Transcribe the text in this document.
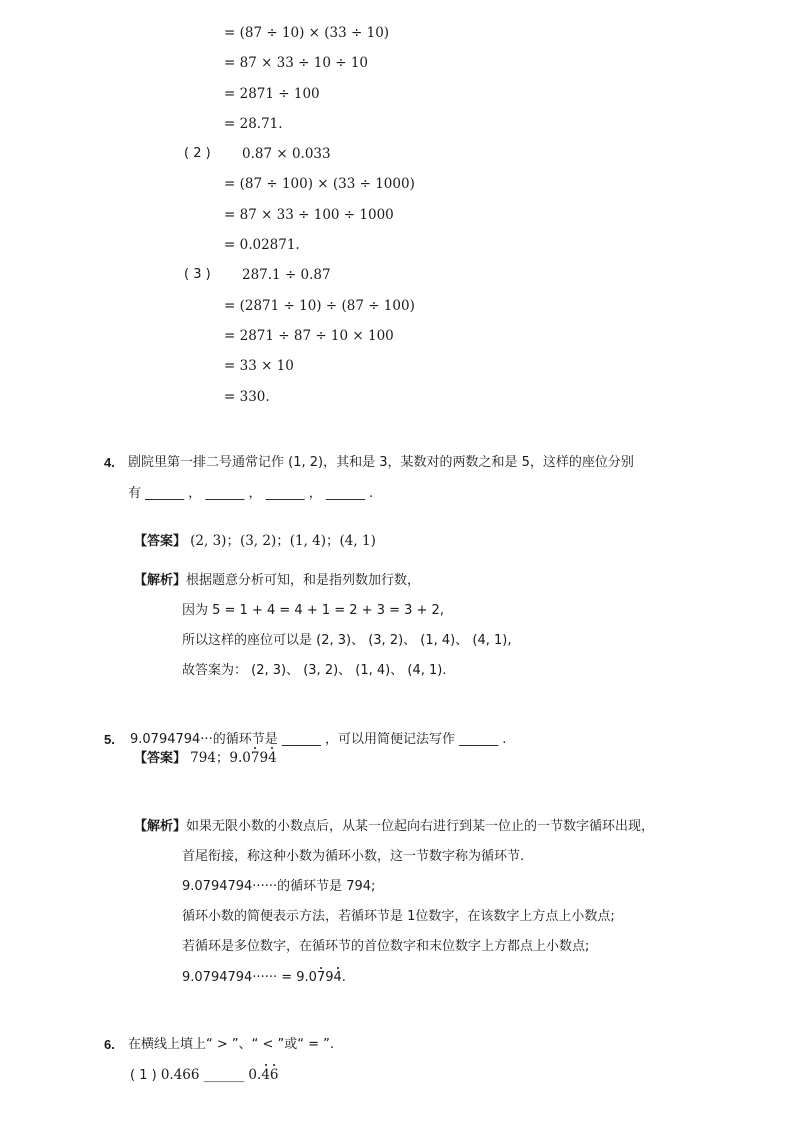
= (87 ÷ 10) × (33 ÷ 10)
= 87 × 33 ÷ 10 ÷ 10
= 2871 ÷ 100
= 28.71.
( 2 ) 0.87 × 0.033
= (87 ÷ 100) × (33 ÷ 1000)
= 87 × 33 ÷ 100 ÷ 1000
= 0.02871.
( 3 ) 287.1 ÷ 0.87
= (2871 ÷ 10) ÷ (87 ÷ 100)
= 2871 ÷ 87 ÷ 10 × 100
= 33 × 10
= 330.
4. 剧院里第一排二号通常记作 (1, 2)，其和是 3，某数对的两数之和是 5，这样的座位分别
有 ______ ， ______ ， ______ ， ______ .
【答案】 (2, 3)；(3, 2)；(1, 4)；(4, 1)
【解析】根据题意分析可知，和是指列数加行数，
因为 5 = 1 + 4 = 4 + 1 = 2 + 3 = 3 + 2,
所以这样的座位可以是 (2, 3)、 (3, 2)、 (1, 4)、 (4, 1),
故答案为： (2, 3)、 (3, 2)、 (1, 4)、 (4, 1).
5. 9.0794794···的循环节是 ______ ，可以用简便记法写作 ______ .
【答案】 794；9.0794
【解析】如果无限小数的小数点后，从某一位起向右进行到某一位止的一节数字循环出现，
首尾衔接，称这种小数为循环小数，这一节数字称为循环节.
9.0794794······的循环节是 794;
循环小数的简便表示方法，若循环节是 1位数字，在该数字上方点上小数点;
若循环是多位数字，在循环节的首位数字和末位数字上方都点上小数点;
9.0794794······ = 9.0794.
6. 在横线上填上“ > ”、“ < ”或“ = ”.
( 1 ) 0.466 ______ 0.46
